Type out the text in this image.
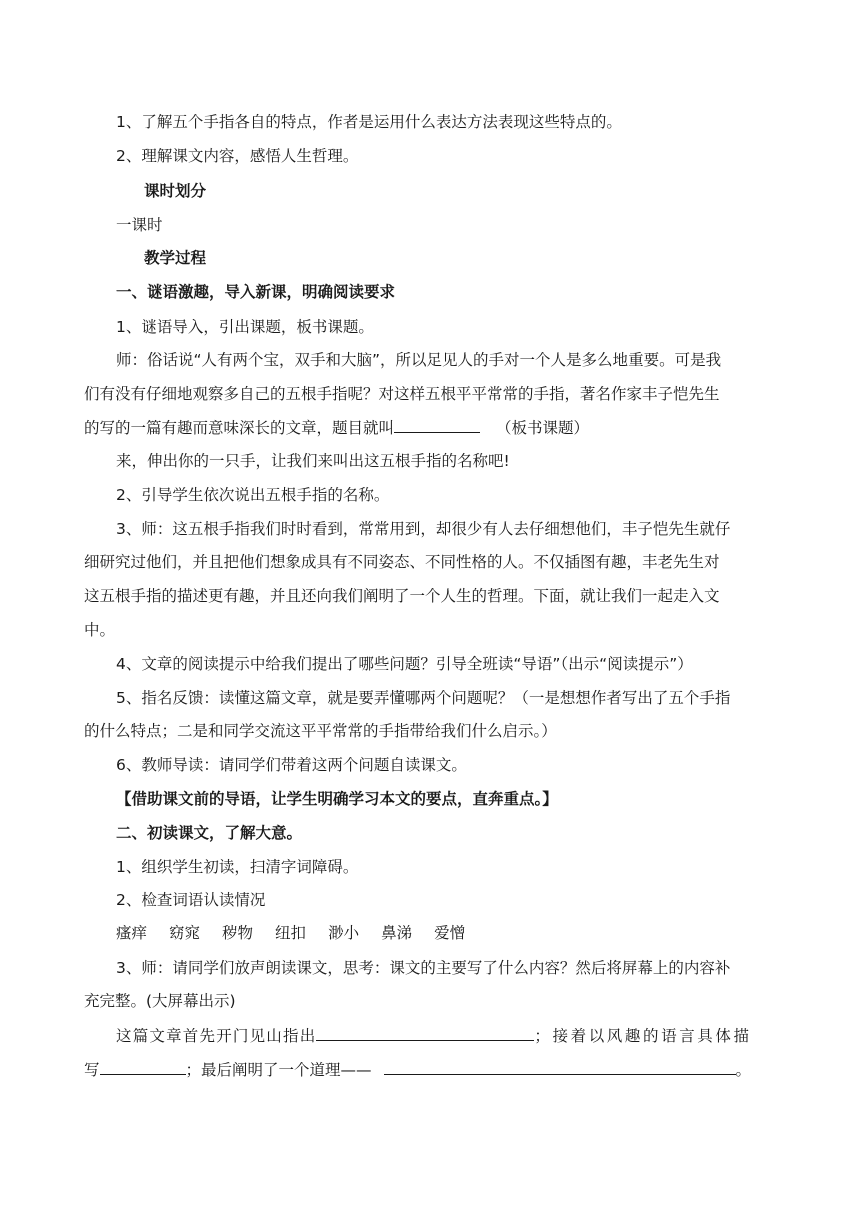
1、了解五个手指各自的特点，作者是运用什么表达方法表现这些特点的。
2、理解课文内容，感悟人生哲理。
课时划分
一课时
教学过程
一、谜语激趣，导入新课，明确阅读要求
1、谜语导入，引出课题，板书课题。
师：俗话说“人有两个宝，双手和大脑”，所以足见人的手对一个人是多么地重要。可是我
们有没有仔细地观察多自己的五根手指呢？对这样五根平平常常的手指，著名作家丰子恺先生
的写的一篇有趣而意味深长的文章，题目就叫	（板书课题）
来，伸出你的一只手，让我们来叫出这五根手指的名称吧!
2、引导学生依次说出五根手指的名称。
3、师：这五根手指我们时时看到，常常用到，却很少有人去仔细想他们，丰子恺先生就仔
细研究过他们，并且把他们想象成具有不同姿态、不同性格的人。不仅插图有趣，丰老先生对
这五根手指的描述更有趣，并且还向我们阐明了一个人生的哲理。下面，就让我们一起走入文
中。
4、文章的阅读提示中给我们提出了哪些问题？引导全班读“导语”（出示“阅读提示”）
5、指名反馈：读懂这篇文章，就是要弄懂哪两个问题呢？（一是想想作者写出了五个手指
的什么特点；二是和同学交流这平平常常的手指带给我们什么启示。）
6、教师导读：请同学们带着这两个问题自读课文。
【借助课文前的导语，让学生明确学习本文的要点，直奔重点。】
二、初读课文，了解大意。
1、组织学生初读，扫清字词障碍。
2、检查词语认读情况
瘙痒 窈窕 秽物 纽扣 渺小 鼻涕 爱憎
3、师：请同学们放声朗读课文，思考：课文的主要写了什么内容？然后将屏幕上的内容补
充完整。(大屏幕出示)
这篇文章首先开门见山指出	；接着以风趣的语言具体描
写	；最后阐明了一个道理——	。
